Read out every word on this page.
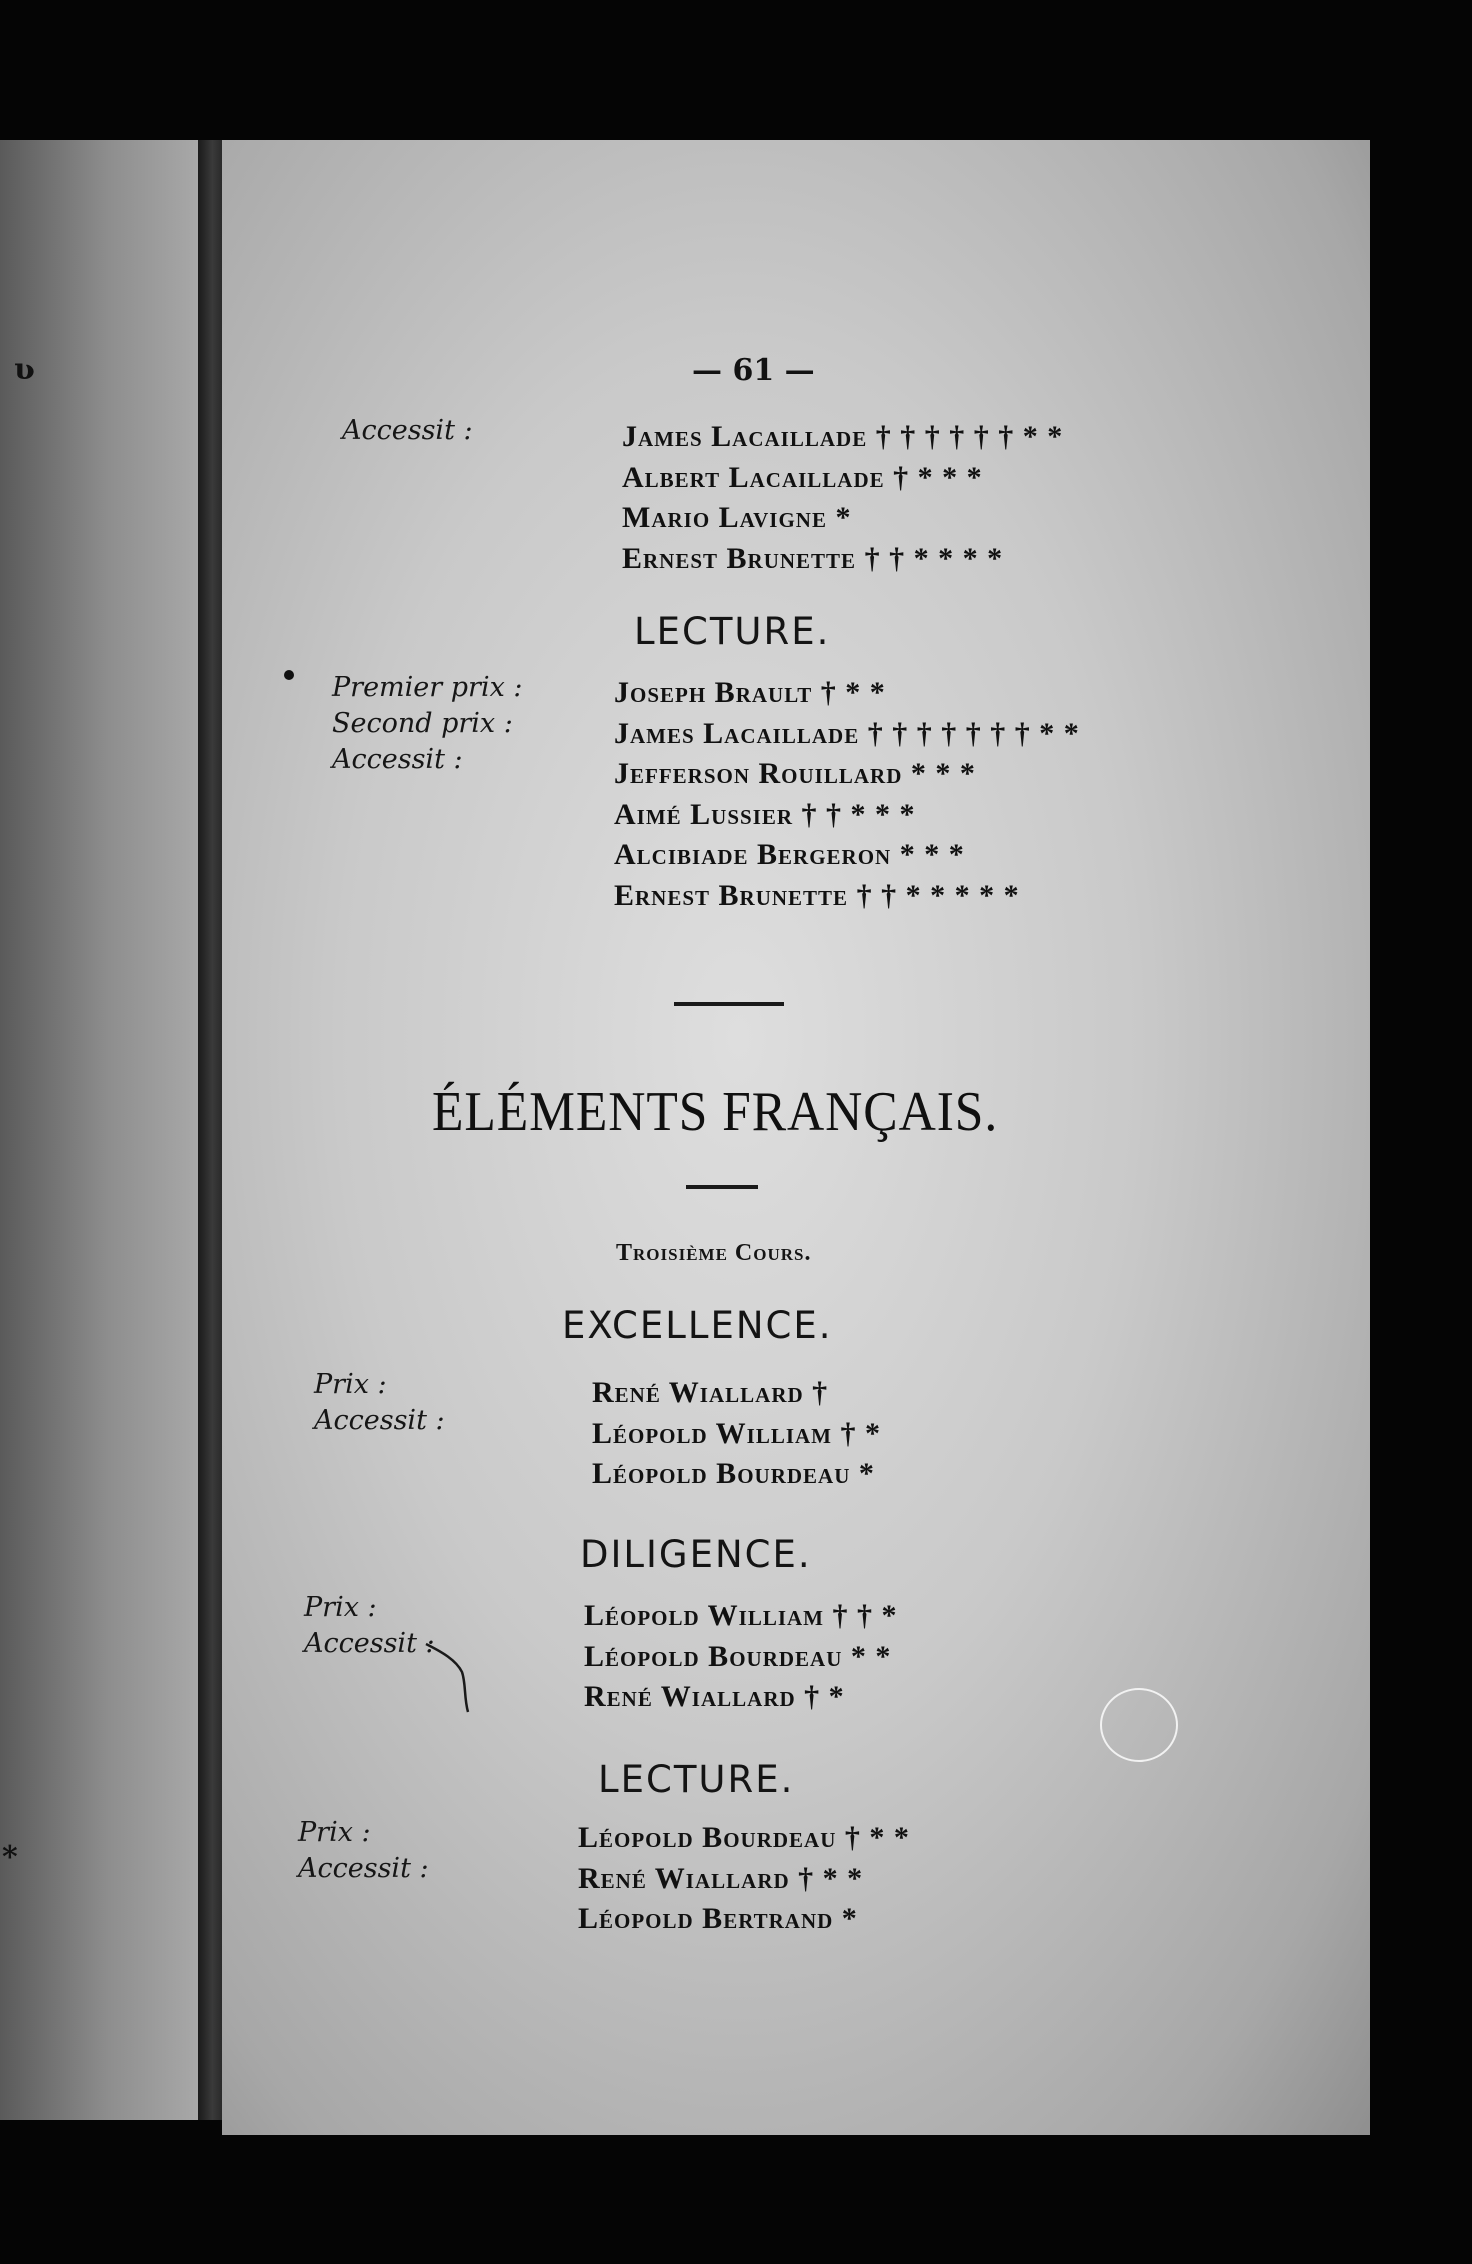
ʋ
*
— 61 —
Accessit :	James Lacaillade † † † † † † * *
Albert Lacaillade † * * *
Mario Lavigne *
Ernest Brunette † † * * * *
LECTURE.
Premier prix :
Second prix :
Accessit :
Joseph Brault † * *
James Lacaillade † † † † † † † * *
Jefferson Rouillard * * *
Aimé Lussier † † * * *
Alcibiade Bergeron * * *
Ernest Brunette † † * * * * *
ÉLÉMENTS FRANÇAIS.
Troisième Cours.
EXCELLENCE.
Prix :
Accessit :
René Wiallard †
Léopold William † *
Léopold Bourdeau *
DILIGENCE.
Prix :
Accessit :
Léopold William † † *
Léopold Bourdeau * *
René Wiallard † *
LECTURE.
Prix :
Accessit :
Léopold Bourdeau † * *
René Wiallard † * *
Léopold Bertrand *
